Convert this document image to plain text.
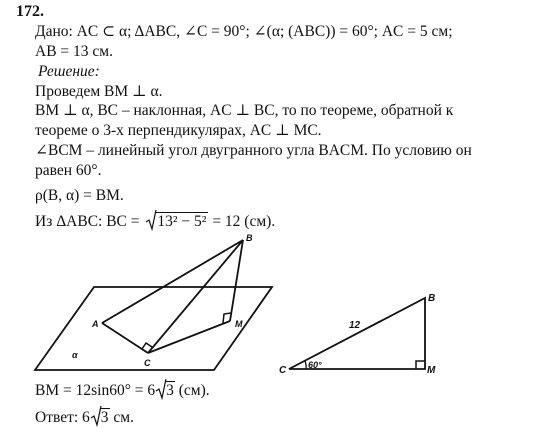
172.
Дано: AC ⊂ α; ΔABC, ∠C = 90°; ∠(α; (ABC)) = 60°; AC = 5 см;
AB = 13 см.
Решение:
Проведем BM ⊥ α.
BM ⊥ α, BC – наклонная, AC ⊥ BC, то по теореме, обратной к
теореме о 3-х перпендикулярах, AC ⊥ MC.
∠BCM – линейный угол двугранного угла BACM. По условию он
равен 60°.
ρ(B, α) = BM.
Из ΔABC: BC = 13² − 5² = 12 (см).
BM = 12sin60° = 6 3 (см).
Ответ: 6 3 см.
B
A
C
M
α
B
C	M
12
60°
